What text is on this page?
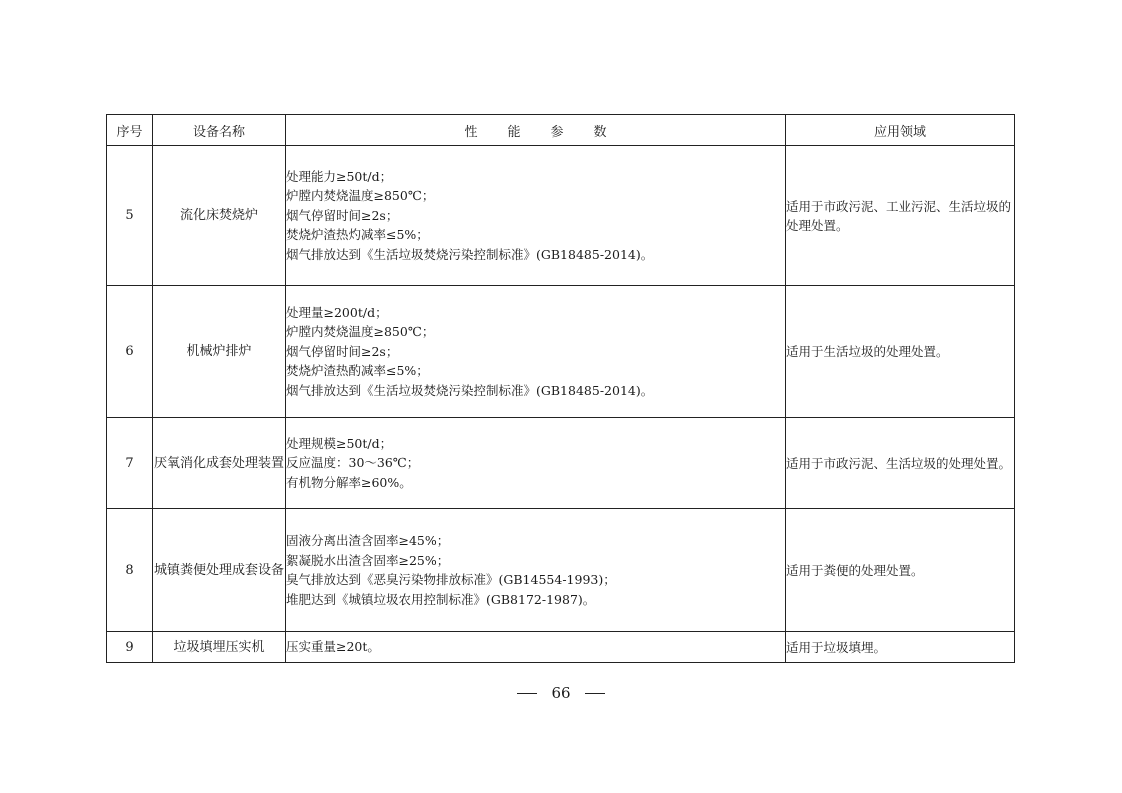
序号	设备名称	性能参数	应用领域
5	流化床焚烧炉	处理能力≥50t/d；
炉膛内焚烧温度≥850℃；
烟气停留时间≥2s；
焚烧炉渣热灼减率≤5%；
烟气排放达到《生活垃圾焚烧污染控制标准》(GB18485-2014)。	适用于市政污泥、工业污泥、生活垃圾的处理处置。
6	机械炉排炉	处理量≥200t/d；
炉膛内焚烧温度≥850℃；
烟气停留时间≥2s；
焚烧炉渣热酌减率≤5%；
烟气排放达到《生活垃圾焚烧污染控制标准》(GB18485-2014)。	适用于生活垃圾的处理处置。
7	厌氧消化成套处理装置	处理规模≥50t/d；
反应温度：30～36℃；
有机物分解率≥60%。	适用于市政污泥、生活垃圾的处理处置。
8	城镇粪便处理成套设备	固液分离出渣含固率≥45%；
絮凝脱水出渣含固率≥25%；
臭气排放达到《恶臭污染物排放标准》(GB14554-1993)；
堆肥达到《城镇垃圾农用控制标准》(GB8172-1987)。	适用于粪便的处理处置。
9	垃圾填埋压实机	压实重量≥20t。	适用于垃圾填埋。
66
